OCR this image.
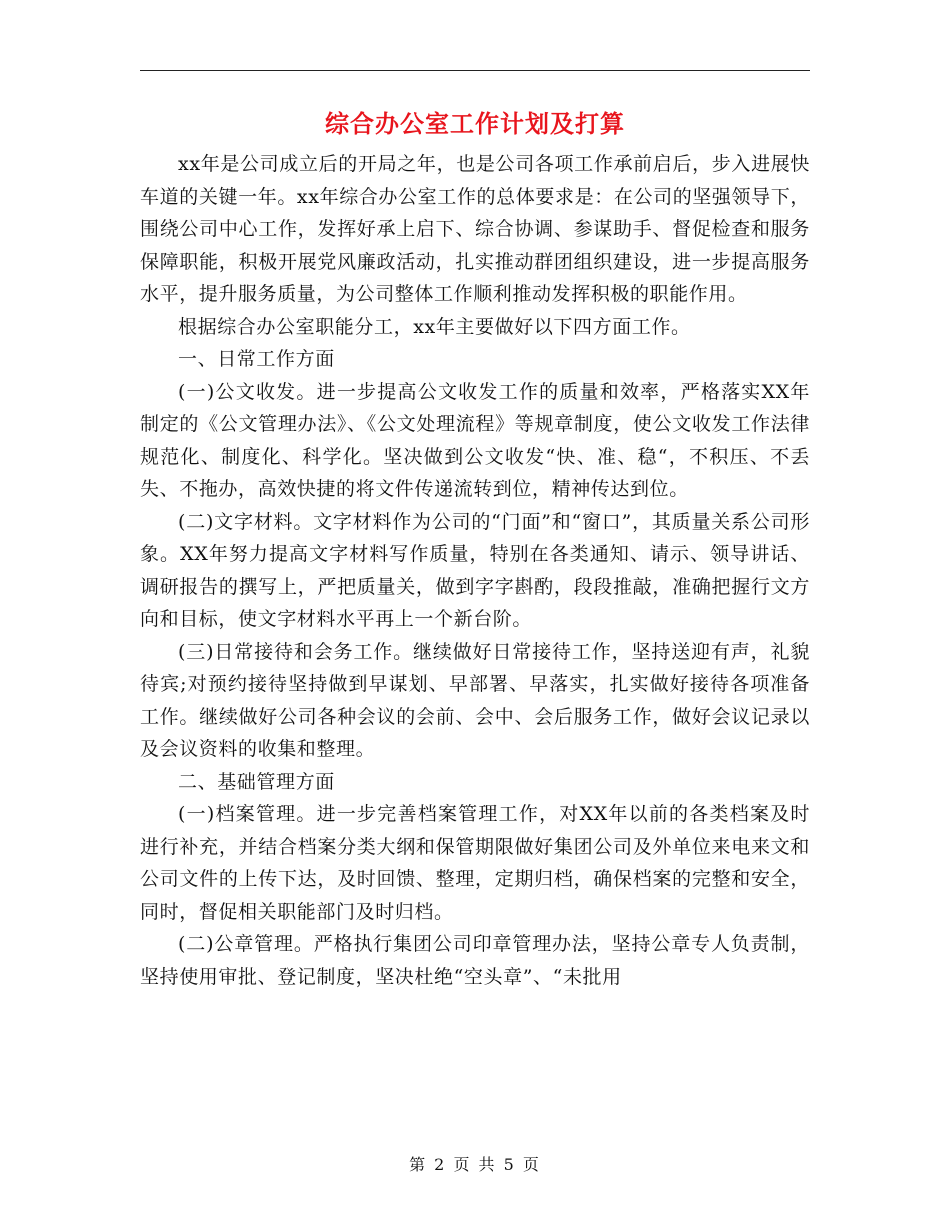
综合办公室工作计划及打算

xx年是公司成立后的开局之年，也是公司各项工作承前启后，步入进展快车道的关键一年。xx年综合办公室工作的总体要求是：在公司的坚强领导下，围绕公司中心工作，发挥好承上启下、综合协调、参谋助手、督促检查和服务保障职能，积极开展党风廉政活动，扎实推动群团组织建设，进一步提高服务水平，提升服务质量，为公司整体工作顺利推动发挥积极的职能作用。

根据综合办公室职能分工，xx年主要做好以下四方面工作。

一、日常工作方面

(一)公文收发。进一步提高公文收发工作的质量和效率，严格落实XX年制定的《公文管理办法》、《公文处理流程》等规章制度，使公文收发工作法律规范化、制度化、科学化。坚决做到公文收发“快、准、稳“，不积压、不丢失、不拖办，高效快捷的将文件传递流转到位，精神传达到位。

(二)文字材料。文字材料作为公司的“门面”和“窗口”，其质量关系公司形象。XX年努力提高文字材料写作质量，特别在各类通知、请示、领导讲话、调研报告的撰写上，严把质量关，做到字字斟酌，段段推敲，准确把握行文方向和目标，使文字材料水平再上一个新台阶。

(三)日常接待和会务工作。继续做好日常接待工作，坚持送迎有声，礼貌待宾;对预约接待坚持做到早谋划、早部署、早落实，扎实做好接待各项准备工作。继续做好公司各种会议的会前、会中、会后服务工作，做好会议记录以及会议资料的收集和整理。

二、基础管理方面

(一)档案管理。进一步完善档案管理工作，对XX年以前的各类档案及时进行补充，并结合档案分类大纲和保管期限做好集团公司及外单位来电来文和公司文件的上传下达，及时回馈、整理，定期归档，确保档案的完整和安全，同时，督促相关职能部门及时归档。

(二)公章管理。严格执行集团公司印章管理办法，坚持公章专人负责制，坚持使用审批、登记制度，坚决杜绝“空头章”、“未批用

第 2 页 共 5 页
